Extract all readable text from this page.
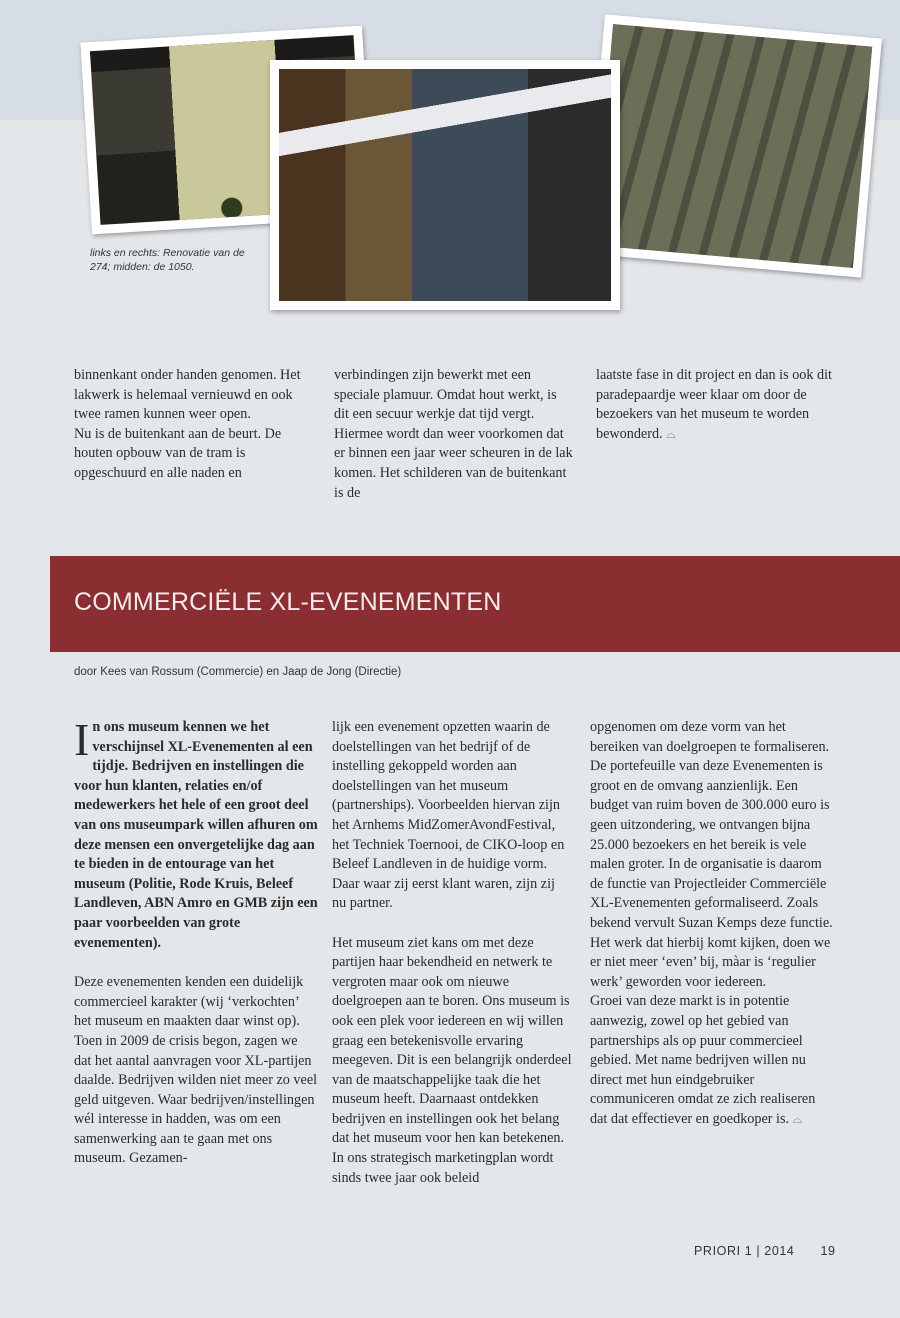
links en rechts: Renovatie van de 274; midden: de 1050.

binnenkant onder handen genomen. Het lakwerk is helemaal vernieuwd en ook twee ramen kunnen weer open.

Nu is de buitenkant aan de beurt. De houten opbouw van de tram is opgeschuurd en alle naden en

verbindingen zijn bewerkt met een speciale plamuur. Omdat hout werkt, is dit een secuur werkje dat tijd vergt. Hiermee wordt dan weer voorkomen dat er binnen een jaar weer scheuren in de lak komen. Het schilderen van de buitenkant is de

laatste fase in dit project en dan is ook dit paradepaardje weer klaar om door de bezoekers van het museum te worden bewonderd. ⌓

COMMERCIËLE XL-EVENEMENTEN
door Kees van Rossum (Commercie) en Jaap de Jong (Directie)

In ons museum kennen we het verschijnsel XL-Evenementen al een tijdje. Bedrijven en instellingen die voor hun klanten, relaties en/of medewerkers het hele of een groot deel van ons museumpark willen afhuren om deze mensen een onvergetelijke dag aan te bieden in de entourage van het museum (Politie, Rode Kruis, Beleef Landleven, ABN Amro en GMB zijn een paar voorbeelden van grote evenementen).

Deze evenementen kenden een duidelijk commercieel karakter (wij ‘verkochten’ het museum en maakten daar winst op). Toen in 2009 de crisis begon, zagen we dat het aantal aanvragen voor XL-partijen daalde. Bedrijven wilden niet meer zo veel geld uitgeven. Waar bedrijven/instellingen wél interesse in hadden, was om een samenwerking aan te gaan met ons museum. Gezamen-

lijk een evenement opzetten waarin de doelstellingen van het bedrijf of de instelling gekoppeld worden aan doelstellingen van het museum (partnerships). Voorbeelden hiervan zijn het Arnhems MidZomerAvondFestival, het Techniek Toernooi, de CIKO-loop en Beleef Landleven in de huidige vorm. Daar waar zij eerst klant waren, zijn zij nu partner.

Het museum ziet kans om met deze partijen haar bekendheid en netwerk te vergroten maar ook om nieuwe doelgroepen aan te boren. Ons museum is ook een plek voor iedereen en wij willen graag een betekenisvolle ervaring meegeven. Dit is een belangrijk onderdeel van de maatschappelijke taak die het museum heeft. Daarnaast ontdekken bedrijven en instellingen ook het belang dat het museum voor hen kan betekenen.

In ons strategisch marketingplan wordt sinds twee jaar ook beleid

opgenomen om deze vorm van het bereiken van doelgroepen te formaliseren. De portefeuille van deze Evenementen is groot en de omvang aanzienlijk. Een budget van ruim boven de 300.000 euro is geen uitzondering, we ontvangen bijna 25.000 bezoekers en het bereik is vele malen groter. In de organisatie is daarom de functie van Projectleider Commerciële XL-Evenementen geformaliseerd. Zoals bekend vervult Suzan Kemps deze functie. Het werk dat hierbij komt kijken, doen we er niet meer ‘even’ bij, màar is ‘regulier werk’ geworden voor iedereen.

Groei van deze markt is in potentie aanwezig, zowel op het gebied van partnerships als op puur commercieel gebied. Met name bedrijven willen nu direct met hun eindgebruiker communiceren omdat ze zich realiseren dat dat effectiever en goedkoper is. ⌓

PRIORI 1 | 2014 19
